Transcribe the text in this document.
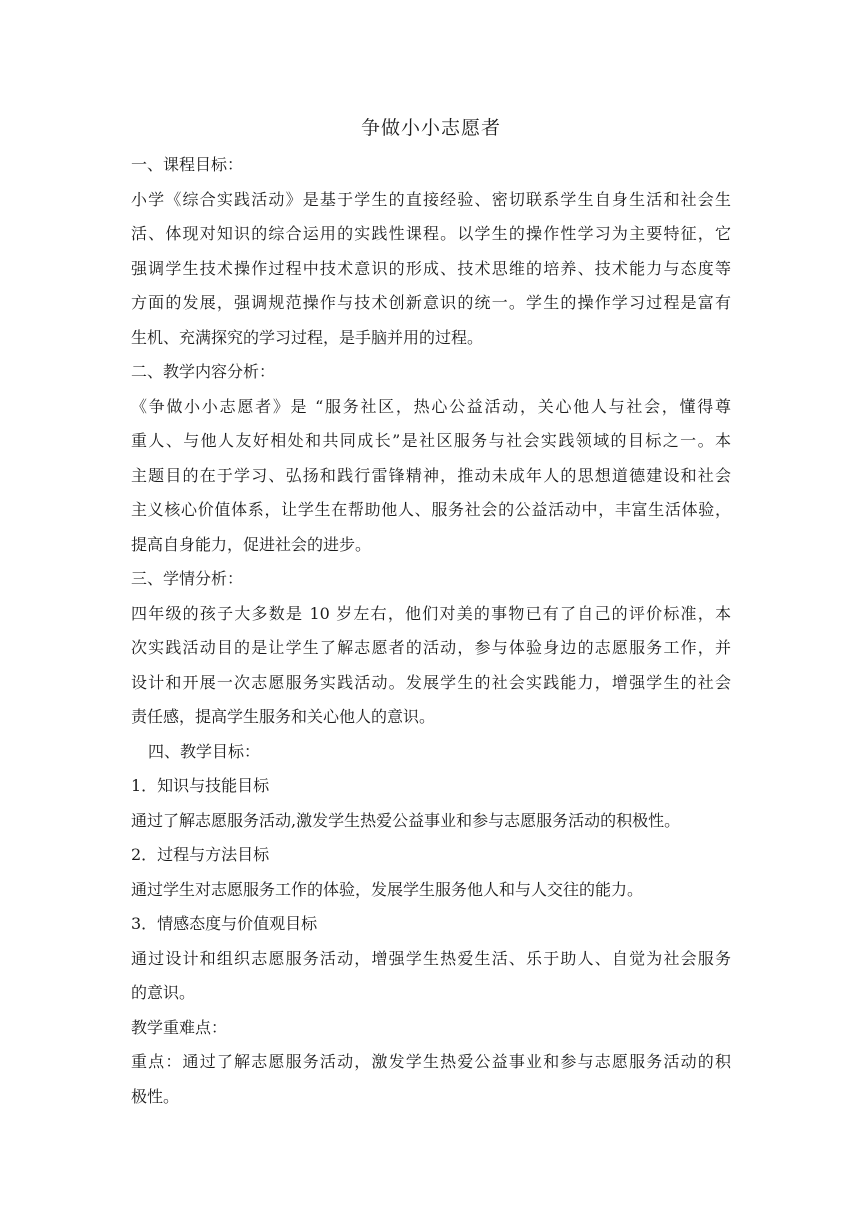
争做小小志愿者

一、课程目标：

小学《综合实践活动》是基于学生的直接经验、密切联系学生自身生活和社会生

活、体现对知识的综合运用的实践性课程。以学生的操作性学习为主要特征，它

强调学生技术操作过程中技术意识的形成、技术思维的培养、技术能力与态度等

方面的发展，强调规范操作与技术创新意识的统一。学生的操作学习过程是富有

生机、充满探究的学习过程，是手脑并用的过程。

二、教学内容分析：

《争做小小志愿者》是 “服务社区，热心公益活动，关心他人与社会，懂得尊

重人、与他人友好相处和共同成长”是社区服务与社会实践领域的目标之一。本

主题目的在于学习、弘扬和践行雷锋精神，推动未成年人的思想道德建设和社会

主义核心价值体系，让学生在帮助他人、服务社会的公益活动中，丰富生活体验，

提高自身能力，促进社会的进步。

三、学情分析：

四年级的孩子大多数是 10 岁左右，他们对美的事物已有了自己的评价标准，本

次实践活动目的是让学生了解志愿者的活动，参与体验身边的志愿服务工作，并

设计和开展一次志愿服务实践活动。发展学生的社会实践能力，增强学生的社会

责任感，提高学生服务和关心他人的意识。

四、教学目标：

1．知识与技能目标

通过了解志愿服务活动,激发学生热爱公益事业和参与志愿服务活动的积极性。

2．过程与方法目标

通过学生对志愿服务工作的体验，发展学生服务他人和与人交往的能力。

3．情感态度与价值观目标

通过设计和组织志愿服务活动，增强学生热爱生活、乐于助人、自觉为社会服务

的意识。

教学重难点：

重点：通过了解志愿服务活动，激发学生热爱公益事业和参与志愿服务活动的积

极性。
